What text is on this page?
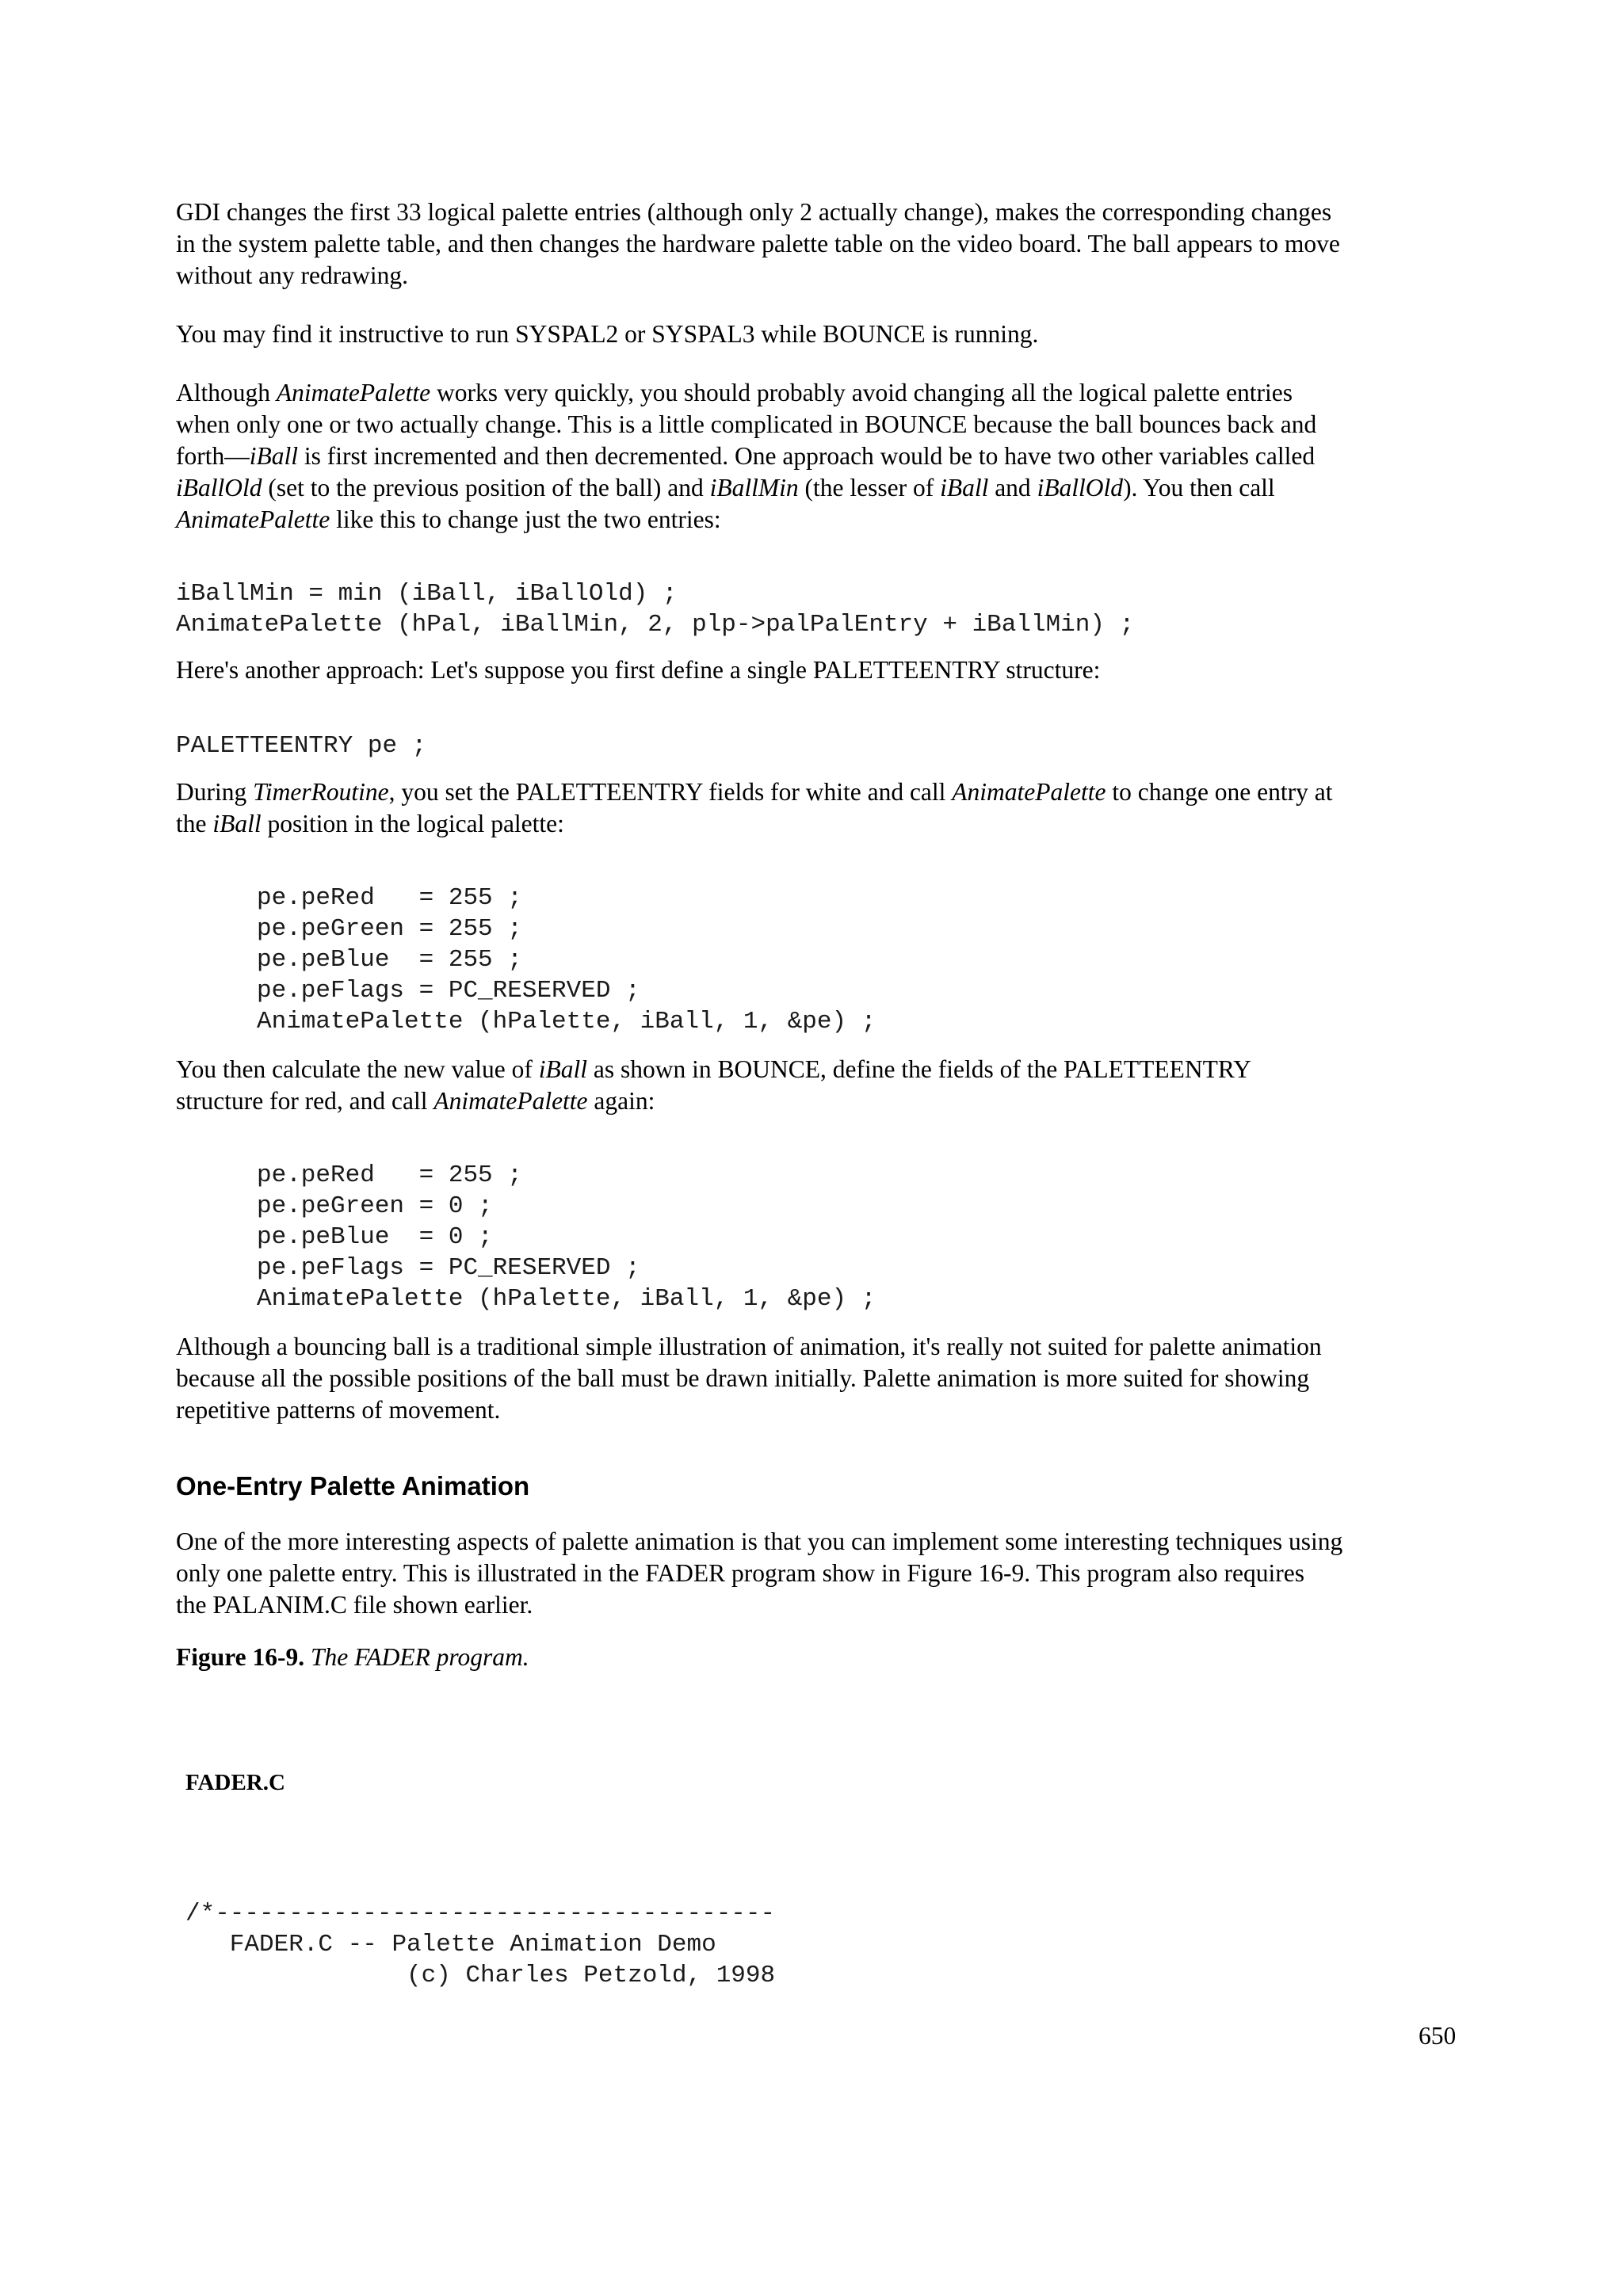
GDI changes the first 33 logical palette entries (although only 2 actually change), makes the corresponding changes
in the system palette table, and then changes the hardware palette table on the video board. The ball appears to move
without any redrawing.
You may find it instructive to run SYSPAL2 or SYSPAL3 while BOUNCE is running.
Although AnimatePalette works very quickly, you should probably avoid changing all the logical palette entries
when only one or two actually change. This is a little complicated in BOUNCE because the ball bounces back and
forth—iBall is first incremented and then decremented. One approach would be to have two other variables called
iBallOld (set to the previous position of the ball) and iBallMin (the lesser of iBall and iBallOld). You then call
AnimatePalette like this to change just the two entries:
iBallMin = min (iBall, iBallOld) ;
AnimatePalette (hPal, iBallMin, 2, plp->palPalEntry + iBallMin) ;
Here's another approach: Let's suppose you first define a single PALETTEENTRY structure:
PALETTEENTRY pe ;
During TimerRoutine, you set the PALETTEENTRY fields for white and call AnimatePalette to change one entry at
the iBall position in the logical palette:
pe.peRed   = 255 ;
pe.peGreen = 255 ;
pe.peBlue  = 255 ;
pe.peFlags = PC_RESERVED ;
AnimatePalette (hPalette, iBall, 1, &pe) ;
You then calculate the new value of iBall as shown in BOUNCE, define the fields of the PALETTEENTRY
structure for red, and call AnimatePalette again:
pe.peRed   = 255 ;
pe.peGreen = 0 ;
pe.peBlue  = 0 ;
pe.peFlags = PC_RESERVED ;
AnimatePalette (hPalette, iBall, 1, &pe) ;
Although a bouncing ball is a traditional simple illustration of animation, it's really not suited for palette animation
because all the possible positions of the ball must be drawn initially. Palette animation is more suited for showing
repetitive patterns of movement.
One-Entry Palette Animation
One of the more interesting aspects of palette animation is that you can implement some interesting techniques using
only one palette entry. This is illustrated in the FADER program show in Figure 16-9. This program also requires
the PALANIM.C file shown earlier.
Figure 16-9. The FADER program.
FADER.C
/*--------------------------------------
FADER.C -- Palette Animation Demo
(c) Charles Petzold, 1998
650
